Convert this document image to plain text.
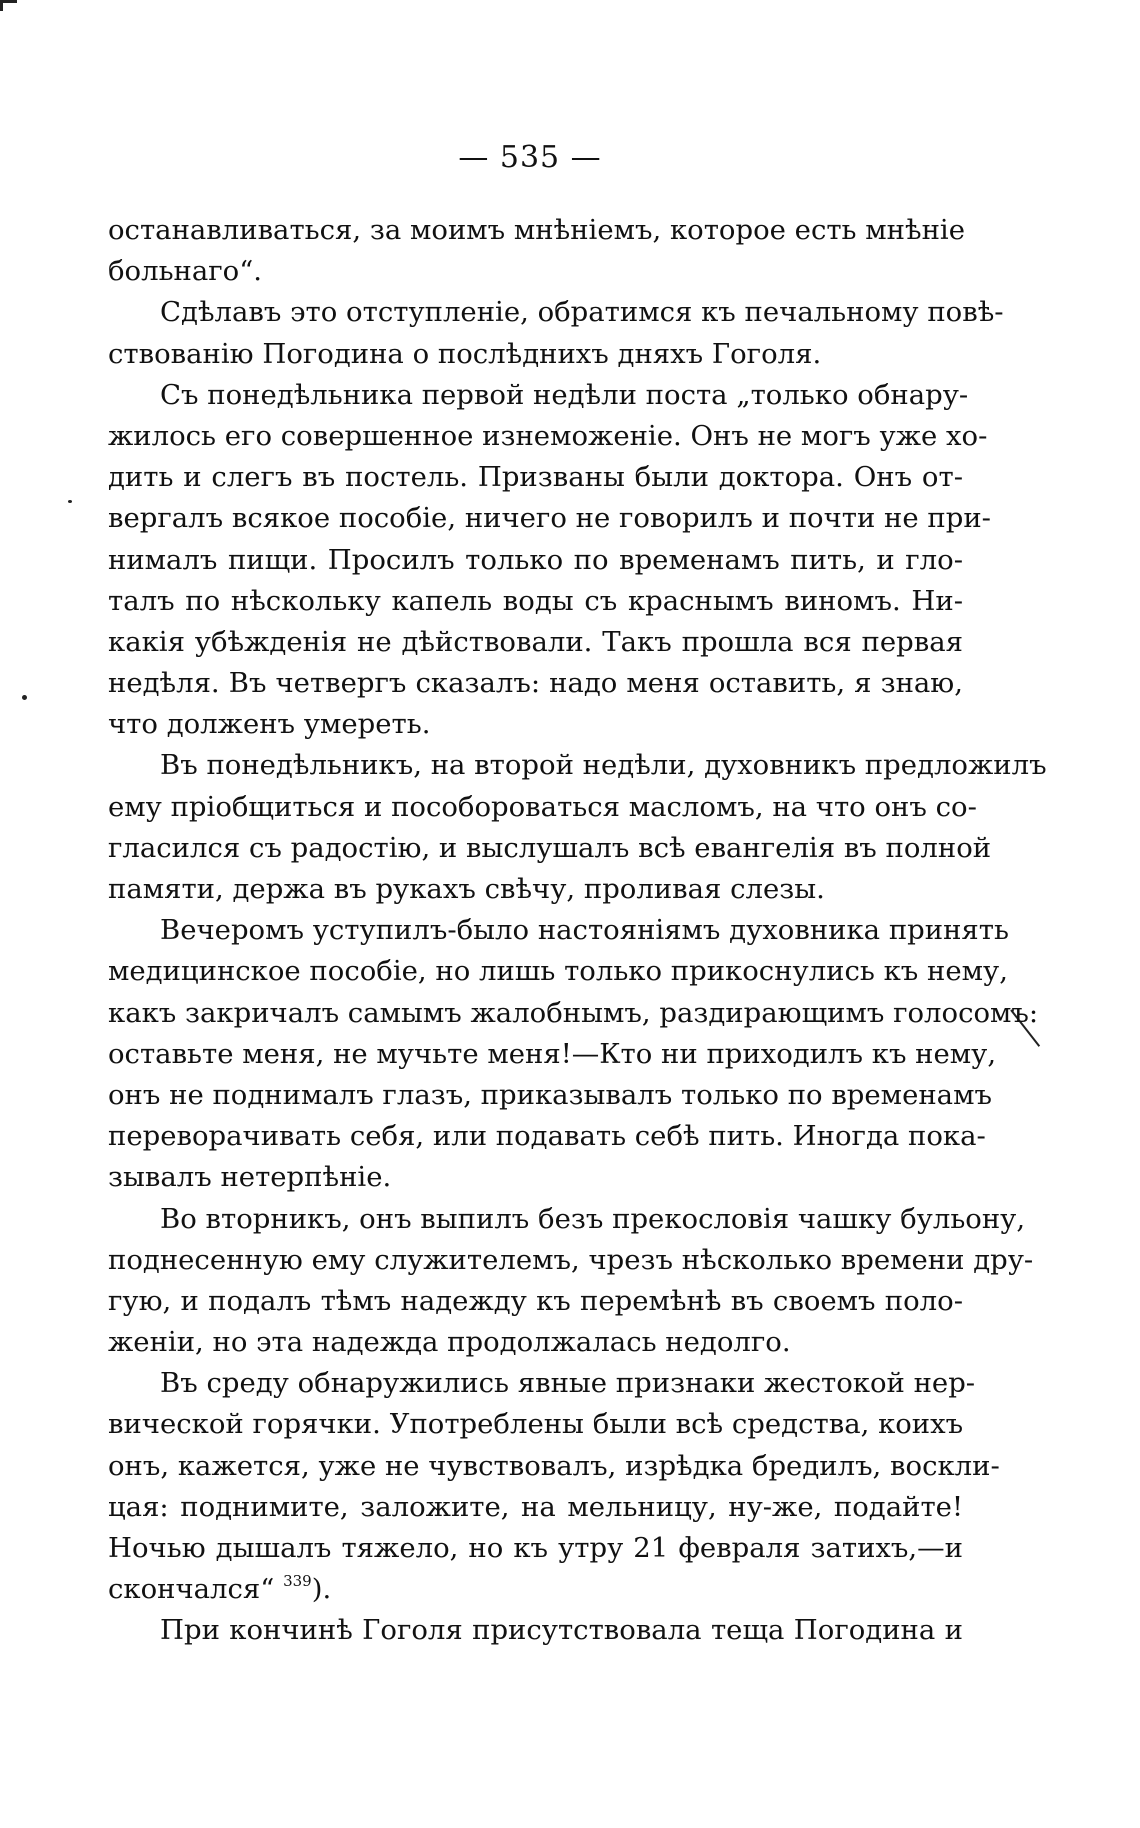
— 535 —
останавливаться, за моимъ мнѣніемъ, которое есть мнѣніе
больнаго“.
Сдѣлавъ это отступленіе, обратимся къ печальному повѣ-
ствованію Погодина о послѣднихъ дняхъ Гоголя.
Съ понедѣльника первой недѣли поста „только обнару-
жилось его совершенное изнеможеніе. Онъ не могъ уже хо-
дить и слегъ въ постель. Призваны были доктора. Онъ от-
вергалъ всякое пособіе, ничего не говорилъ и почти не при-
нималъ пищи. Просилъ только по временамъ пить, и гло-
талъ по нѣскольку капель воды съ краснымъ виномъ. Ни-
какія убѣжденія не дѣйствовали. Такъ прошла вся первая
недѣля. Въ четвергъ сказалъ: надо меня оставить, я знаю,
что долженъ умереть.
Въ понедѣльникъ, на второй недѣли, духовникъ предложилъ
ему пріобщиться и пособороваться масломъ, на что онъ со-
гласился съ радостію, и выслушалъ всѣ евангелія въ полной
памяти, держа въ рукахъ свѣчу, проливая слезы.
Вечеромъ уступилъ-было настояніямъ духовника принять
медицинское пособіе, но лишь только прикоснулись къ нему,
какъ закричалъ самымъ жалобнымъ, раздирающимъ голосомъ:
оставьте меня, не мучьте меня!—Кто ни приходилъ къ нему,
онъ не поднималъ глазъ, приказывалъ только по временамъ
переворачивать себя, или подавать себѣ пить. Иногда пока-
зывалъ нетерпѣніе.
Во вторникъ, онъ выпилъ безъ прекословія чашку бульону,
поднесенную ему служителемъ, чрезъ нѣсколько времени дру-
гую, и подалъ тѣмъ надежду къ перемѣнѣ въ своемъ поло-
женіи, но эта надежда продолжалась недолго.
Въ среду обнаружились явные признаки жестокой нер-
вической горячки. Употреблены были всѣ средства, коихъ
онъ, кажется, уже не чувствовалъ, изрѣдка бредилъ, воскли-
цая: поднимите, заложите, на мельницу, ну-же, подайте!
Ночью дышалъ тяжело, но къ утру 21 февраля затихъ,—и
скончался“ $^{339}$).
При кончинѣ Гоголя присутствовала теща Погодина и
